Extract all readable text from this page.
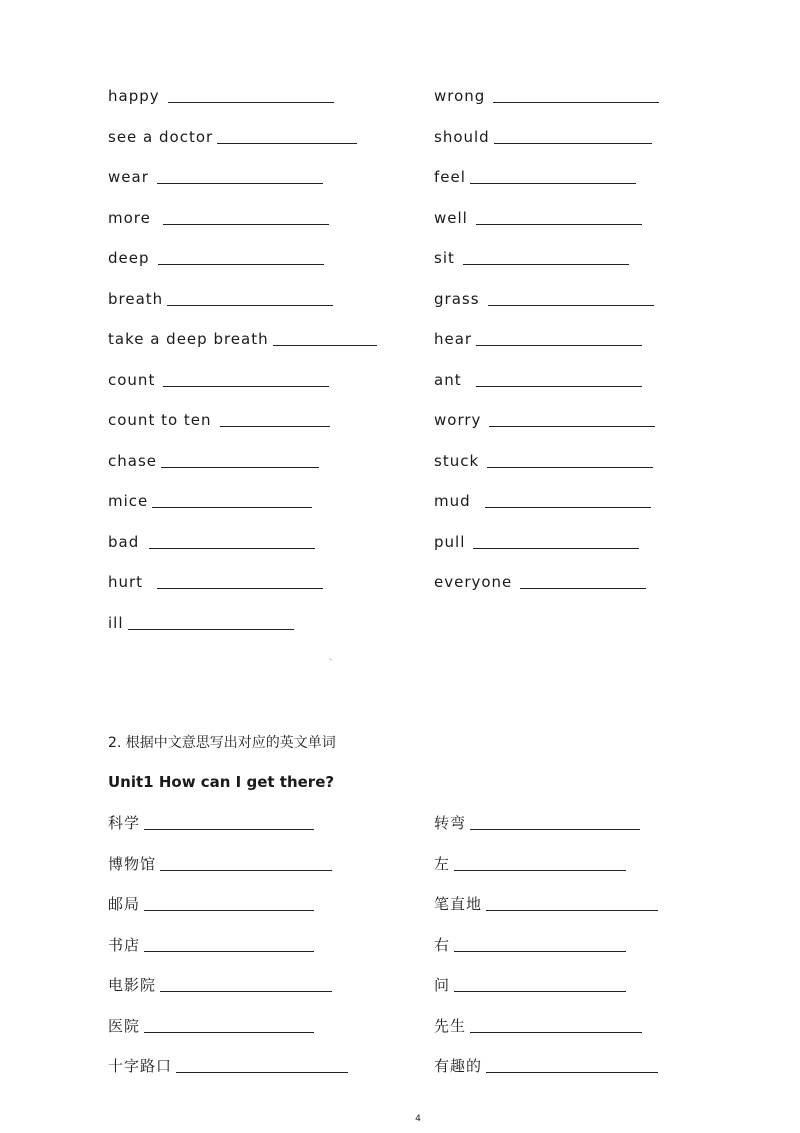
happy
see a doctor
wear
more
deep
breath
take a deep breath
count
count to ten
chase
mice
bad
hurt
ill
wrong
should
feel
well
sit
grass
hear
ant
worry
stuck
mud
pull
everyone
2. 根据中文意思写出对应的英文单词
Unit1 How can I get there?
科学
博物馆
邮局
书店
电影院
医院
十字路口
转弯
左
笔直地
右
问
先生
有趣的
4
